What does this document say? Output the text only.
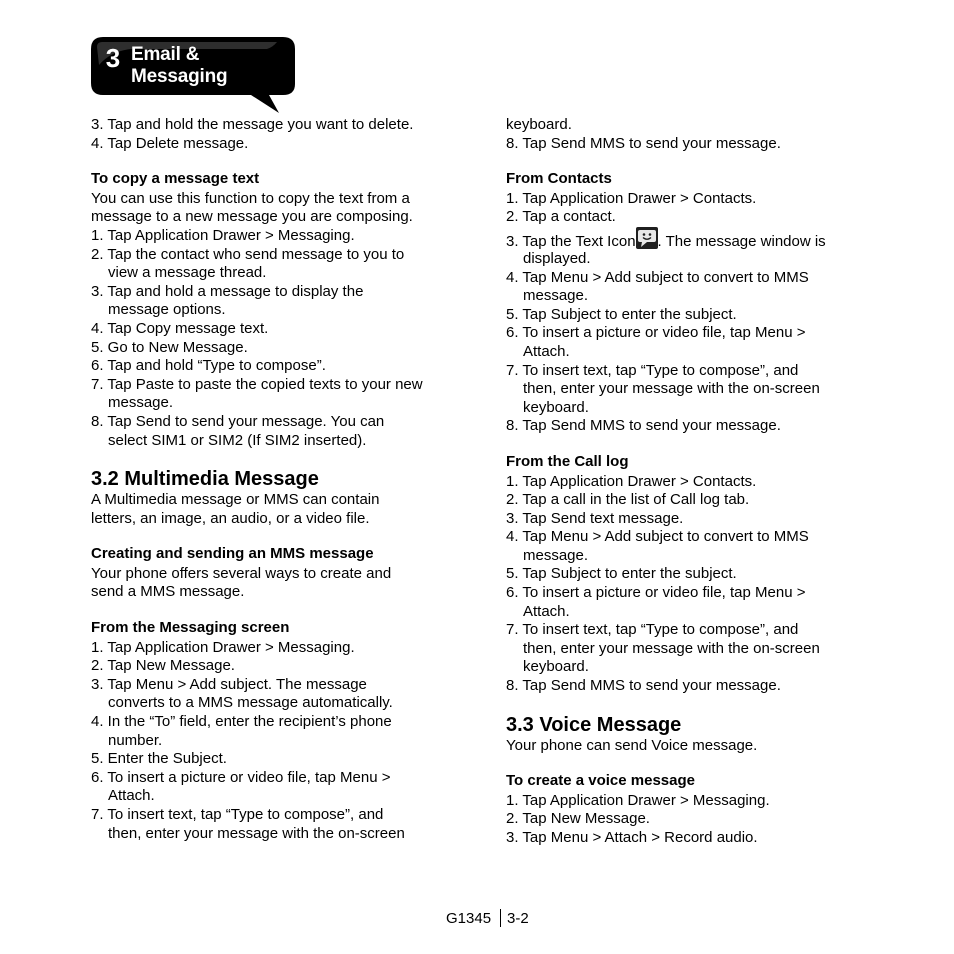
3 Email &
Messaging

3. Tap and hold the message you want to delete.

4. Tap Delete message.

To copy a message text

You can use this function to copy the text from a

message to a new message you are composing.

1. Tap Application Drawer > Messaging.

2. Tap the contact who send message to you to

view a message thread.

3. Tap and hold a message to display the

message options.

4. Tap Copy message text.

5. Go to New Message.

6. Tap and hold “Type to compose”.

7. Tap Paste to paste the copied texts to your new

message.

8. Tap Send to send your message. You can

select SIM1 or SIM2 (If SIM2 inserted).

3.2 Multimedia Message

A Multimedia message or MMS can contain

letters, an image, an audio, or a video file.

Creating and sending an MMS message

Your phone offers several ways to create and

send a MMS message.

From the Messaging screen

1. Tap Application Drawer > Messaging.

2. Tap New Message.

3. Tap Menu > Add subject. The message

converts to a MMS message automatically.

4. In the “To” field, enter the recipient’s phone

number.

5. Enter the Subject.

6. To insert a picture or video file, tap Menu >

Attach.

7. To insert text, tap “Type to compose”, and

then, enter your message with the on-screen

keyboard.

8. Tap Send MMS to send your message.

From Contacts

1. Tap Application Drawer > Contacts.

2. Tap a contact.

3. Tap the Text Icon . The message window is

displayed.

4. Tap Menu > Add subject to convert to MMS

message.

5. Tap Subject to enter the subject.

6. To insert a picture or video file, tap Menu >

Attach.

7. To insert text, tap “Type to compose”, and

then, enter your message with the on-screen

keyboard.

8. Tap Send MMS to send your message.

From the Call log

1. Tap Application Drawer > Contacts.

2. Tap a call in the list of Call log tab.

3. Tap Send text message.

4. Tap Menu > Add subject to convert to MMS

message.

5. Tap Subject to enter the subject.

6. To insert a picture or video file, tap Menu >

Attach.

7. To insert text, tap “Type to compose”, and

then, enter your message with the on-screen

keyboard.

8. Tap Send MMS to send your message.

3.3 Voice Message

Your phone can send Voice message.

To create a voice message

1. Tap Application Drawer > Messaging.

2. Tap New Message.

3. Tap Menu > Attach > Record audio.

G1345 3-2
